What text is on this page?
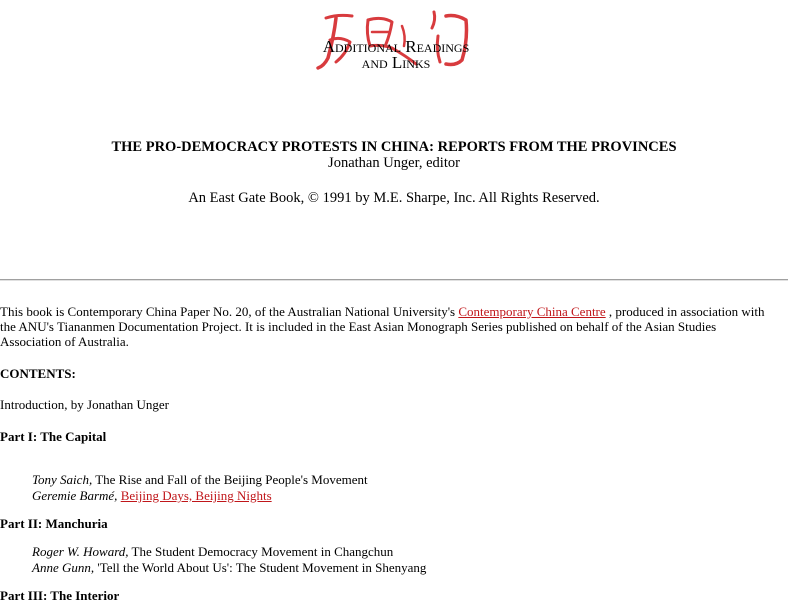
Additional Readings
and Links
THE PRO-DEMOCRACY PROTESTS IN CHINA: REPORTS FROM THE PROVINCES
Jonathan Unger, editor
An East Gate Book, © 1991 by M.E. Sharpe, Inc. All Rights Reserved.
This book is Contemporary China Paper No. 20, of the Australian National University's Contemporary China Centre , produced in association with the ANU's Tiananmen Documentation Project. It is included in the East Asian Monograph Series published on behalf of the Asian Studies Association of Australia.
CONTENTS:
Introduction, by Jonathan Unger
Part I: The Capital
Tony Saich, The Rise and Fall of the Beijing People's Movement
Geremie Barmé, Beijing Days, Beijing Nights
Part II: Manchuria
Roger W. Howard, The Student Democracy Movement in Changchun
Anne Gunn, 'Tell the World About Us': The Student Movement in Shenyang
Part III: The Interior
